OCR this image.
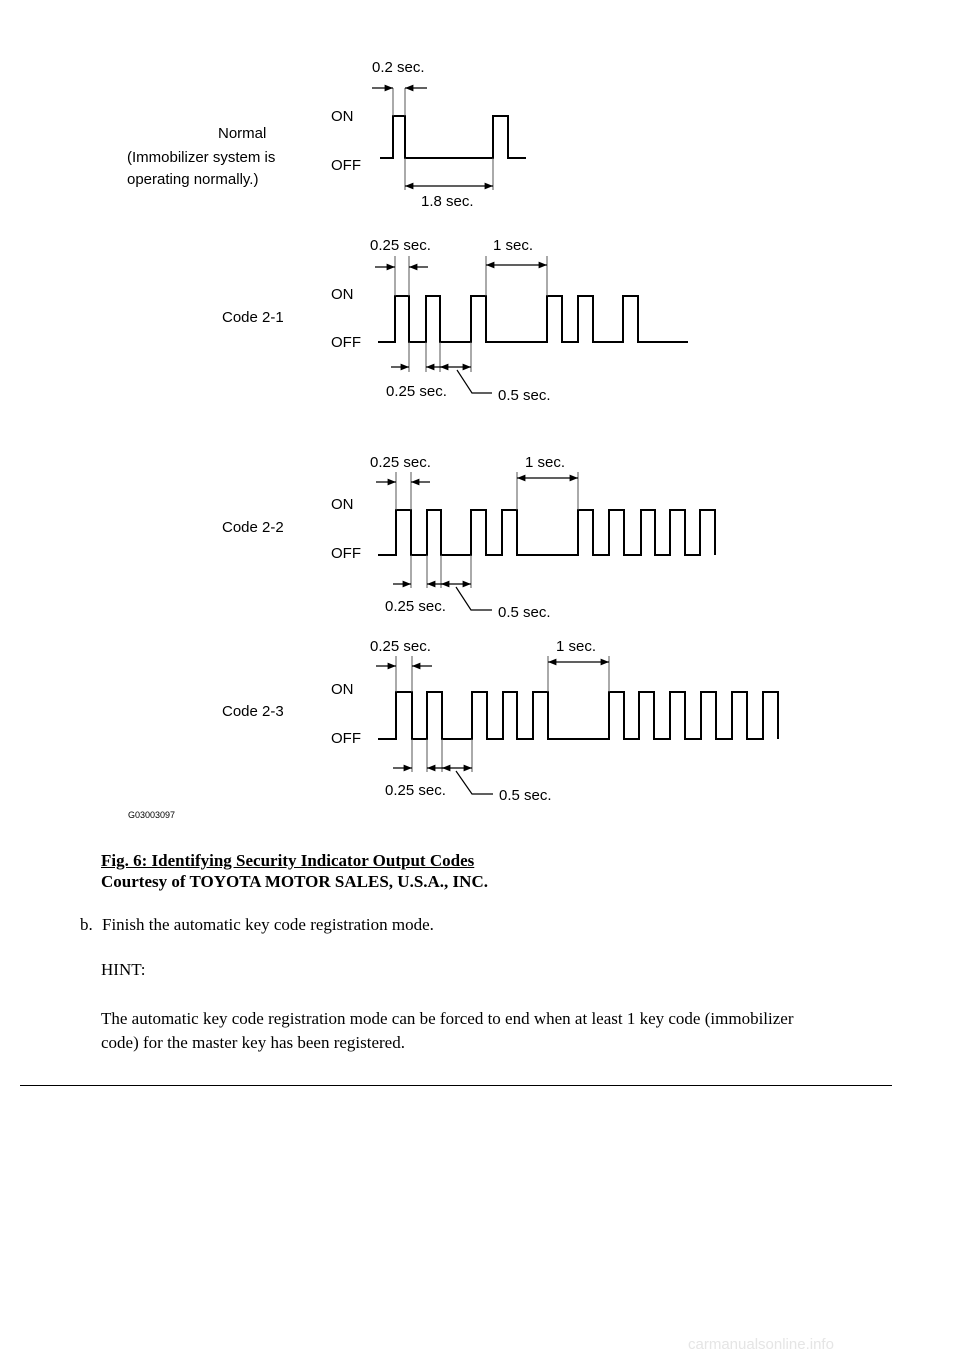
Normal
(Immobilizer system is
operating normally.)
ON
OFF
0.2 sec.
1.8 sec.
Code 2-1
ON
OFF
0.25 sec.	1 sec.
0.25 sec.	0.5 sec.
Code 2-2
ON
OFF
0.25 sec.	1 sec.
0.25 sec.	0.5 sec.
Code 2-3
ON
OFF
0.25 sec.	1 sec.
0.25 sec.	0.5 sec.
G03003097
Fig. 6: Identifying Security Indicator Output Codes
Courtesy of TOYOTA MOTOR SALES, U.S.A., INC.
b. Finish the automatic key code registration mode.
HINT:
The automatic key code registration mode can be forced to end when at least 1 key code (immobilizer code) for the master key has been registered.
carmanualsonline.info
